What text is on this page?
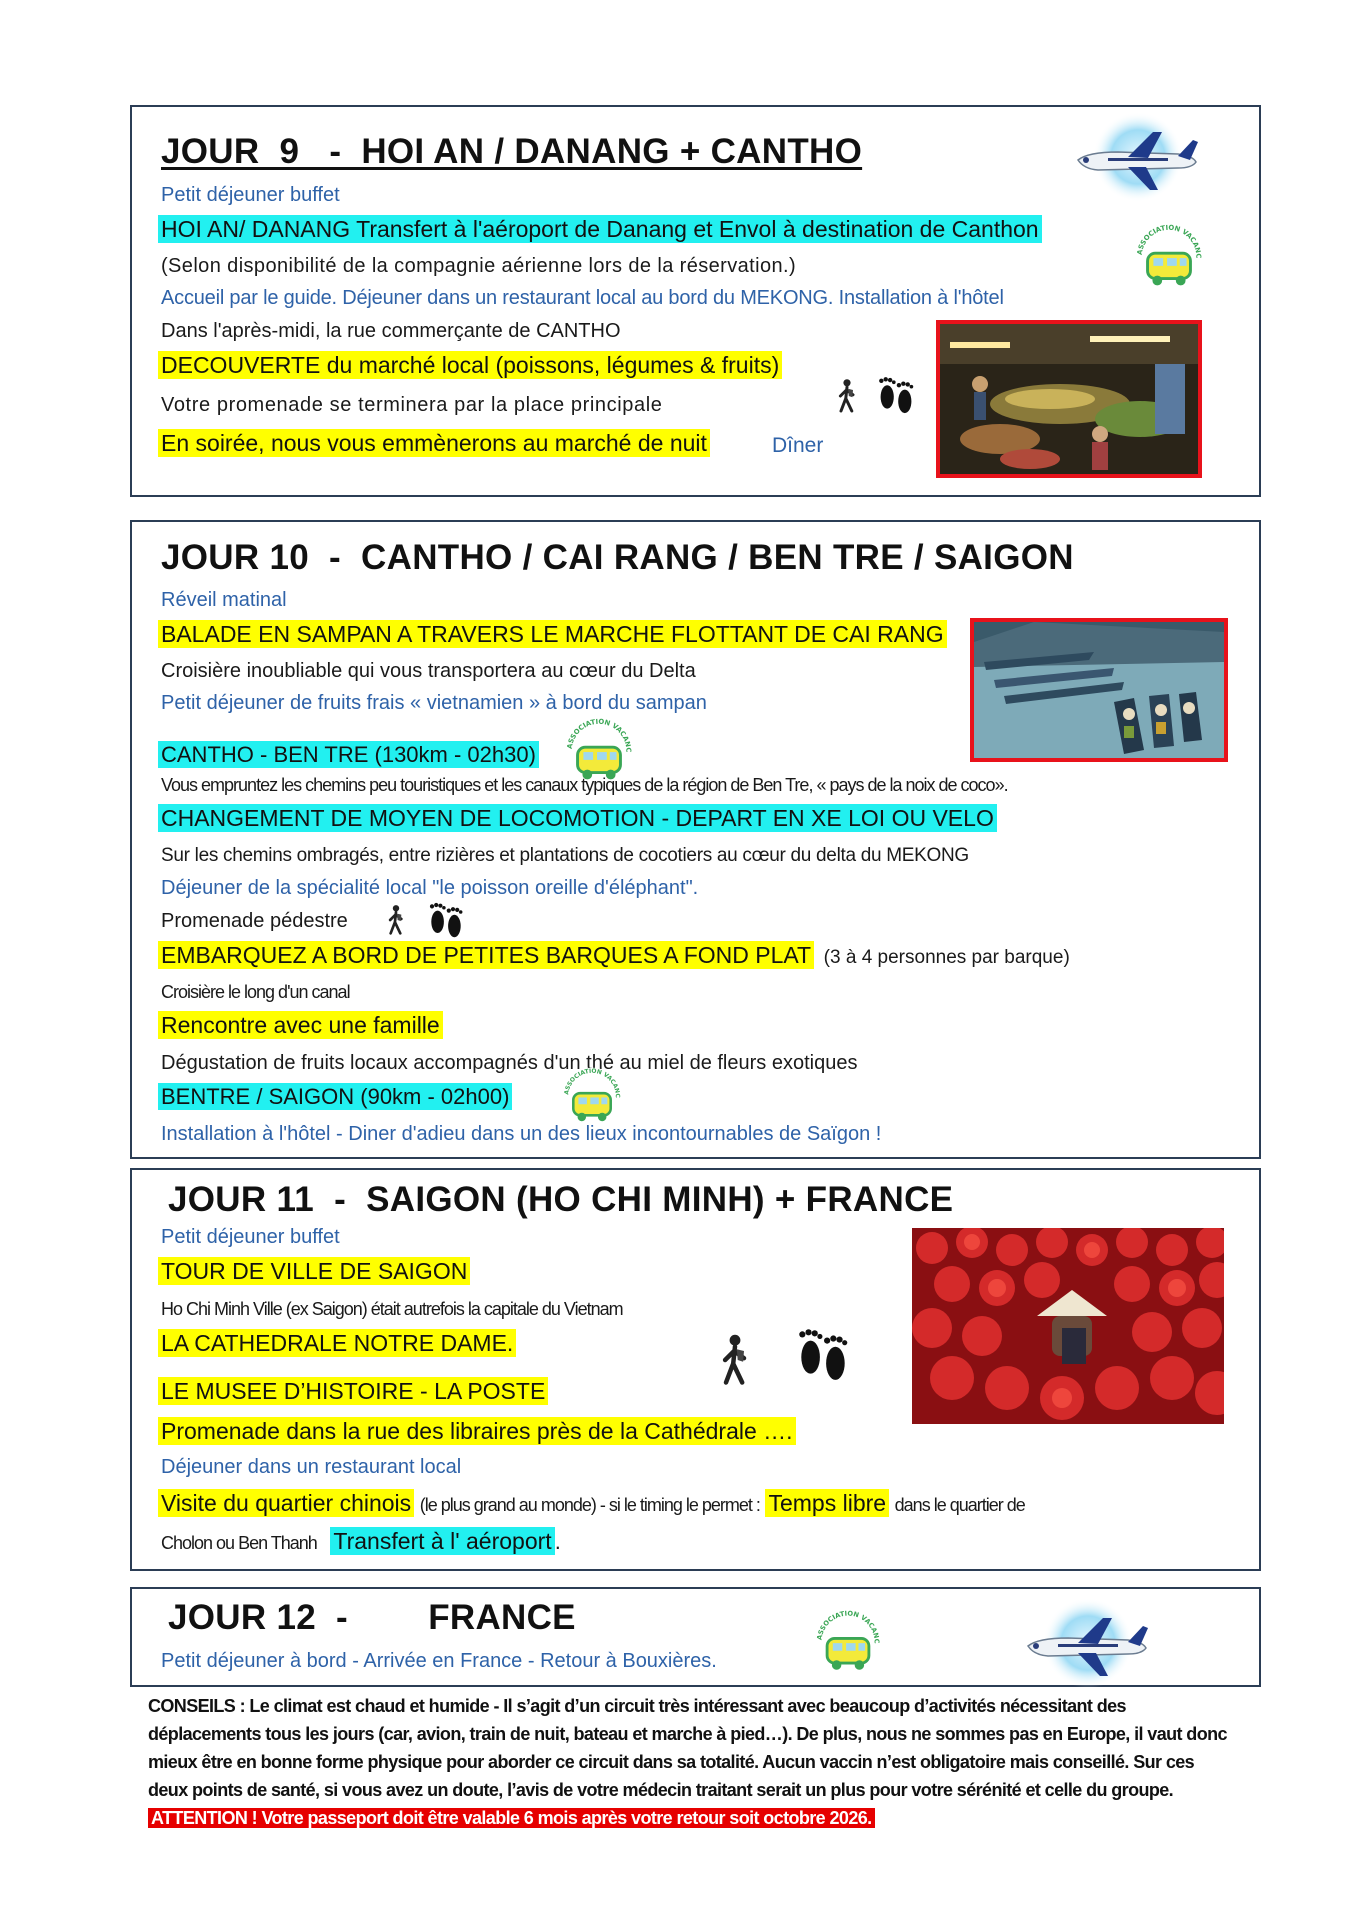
JOUR  9   -  HOI AN / DANANG + CANTHO
Petit déjeuner buffet
HOI AN/ DANANG Transfert à l'aéroport de Danang et Envol à destination de Canthon
(Selon disponibilité de la compagnie aérienne lors de la réservation.)
Accueil par le guide. Déjeuner dans un restaurant local au bord du MEKONG. Installation à l'hôtel
Dans l'après-midi, la rue commerçante de CANTHO
DECOUVERTE du marché local (poissons, légumes & fruits)
Votre promenade se terminera par la place principale
En soirée, nous vous emmènerons au marché de nuit	Dîner
JOUR 10  -  CANTHO / CAI RANG / BEN TRE / SAIGON
Réveil matinal
BALADE EN SAMPAN A TRAVERS LE MARCHE FLOTTANT DE CAI RANG
Croisière inoubliable qui vous transportera au cœur du Delta
Petit déjeuner de fruits frais « vietnamien » à bord du sampan
CANTHO - BEN TRE (130km - 02h30)
Vous empruntez les chemins peu touristiques et les canaux typiques de la région de Ben Tre, « pays de la noix de coco».
CHANGEMENT DE MOYEN DE LOCOMOTION - DEPART EN XE LOI OU VELO
Sur les chemins ombragés, entre rizières et plantations de cocotiers au cœur du delta du MEKONG
Déjeuner de la spécialité local "le poisson oreille d'éléphant".
Promenade pédestre
EMBARQUEZ A BORD DE PETITES BARQUES A FOND PLAT (3 à 4 personnes par barque)
Croisière le long d'un canal
Rencontre avec une famille
Dégustation de fruits locaux accompagnés d'un thé au miel de fleurs exotiques
BENTRE / SAIGON (90km - 02h00)
Installation à l'hôtel - Diner d'adieu dans un des lieux incontournables de Saïgon !
JOUR 11  -  SAIGON (HO CHI MINH) + FRANCE
Petit déjeuner buffet
TOUR DE VILLE DE SAIGON
Ho Chi Minh Ville (ex Saigon) était autrefois la capitale du Vietnam
LA CATHEDRALE NOTRE DAME.
LE MUSEE D’HISTOIRE - LA POSTE
Promenade dans la rue des libraires près de la Cathédrale ….
Déjeuner dans un restaurant local
Visite du quartier chinois (le plus grand au monde) - si le timing le permet : Temps libre dans le quartier de
Cholon ou Ben Thanh Transfert à l' aéroport .
JOUR 12  -        FRANCE
Petit déjeuner à bord - Arrivée en France - Retour à Bouxières.
CONSEILS : Le climat est chaud et humide - Il s’agit d’un circuit très intéressant avec beaucoup d’activités nécessitant des déplacements tous les jours (car, avion, train de nuit, bateau et marche à pied…). De plus, nous ne sommes pas en Europe, il vaut donc mieux être en bonne forme physique pour aborder ce circuit dans sa totalité. Aucun vaccin n’est obligatoire mais conseillé. Sur ces deux points de santé, si vous avez un doute, l’avis de votre médecin traitant serait un plus pour votre sérénité et celle du groupe.
ATTENTION ! Votre passeport doit être valable 6 mois après votre retour soit octobre 2026.
